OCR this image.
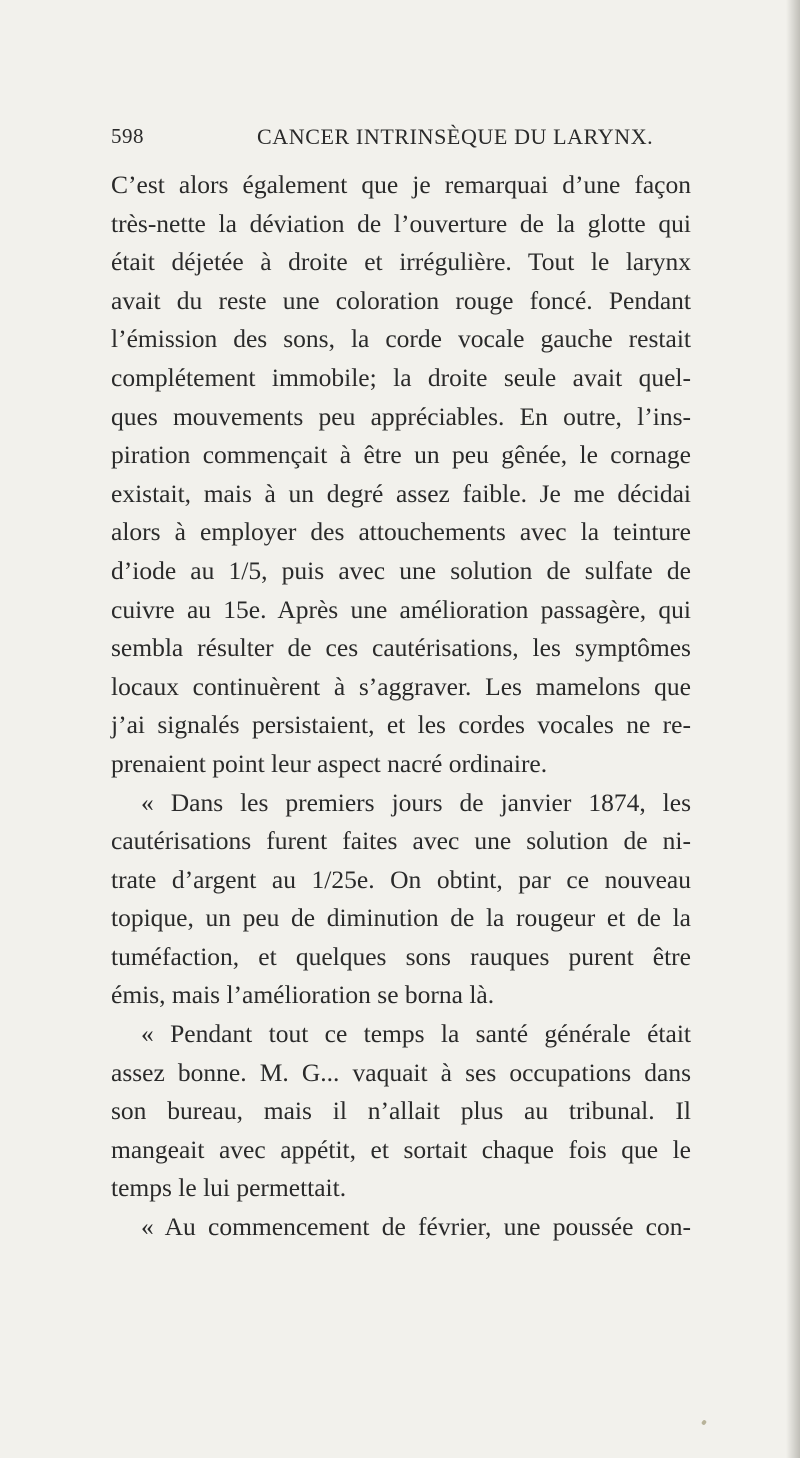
598	CANCER INTRINSÈQUE DU LARYNX.
C’est alors également que je remarquai d’une façon
très-nette la déviation de l’ouverture de la glotte qui
était déjetée à droite et irrégulière. Tout le larynx
avait du reste une coloration rouge foncé. Pendant
l’émission des sons, la corde vocale gauche restait
complétement immobile; la droite seule avait quel-
ques mouvements peu appréciables. En outre, l’ins-
piration commençait à être un peu gênée, le cornage
existait, mais à un degré assez faible. Je me décidai
alors à employer des attouchements avec la teinture
d’iode au 1/5, puis avec une solution de sulfate de
cuivre au 15e. Après une amélioration passagère, qui
sembla résulter de ces cautérisations, les symptômes
locaux continuèrent à s’aggraver. Les mamelons que
j’ai signalés persistaient, et les cordes vocales ne re-
prenaient point leur aspect nacré ordinaire.
« Dans les premiers jours de janvier 1874, les
cautérisations furent faites avec une solution de ni-
trate d’argent au 1/25e. On obtint, par ce nouveau
topique, un peu de diminution de la rougeur et de la
tuméfaction, et quelques sons rauques purent être
émis, mais l’amélioration se borna là.
« Pendant tout ce temps la santé générale était
assez bonne. M. G... vaquait à ses occupations dans
son bureau, mais il n’allait plus au tribunal. Il
mangeait avec appétit, et sortait chaque fois que le
temps le lui permettait.
« Au commencement de février, une poussée con-
